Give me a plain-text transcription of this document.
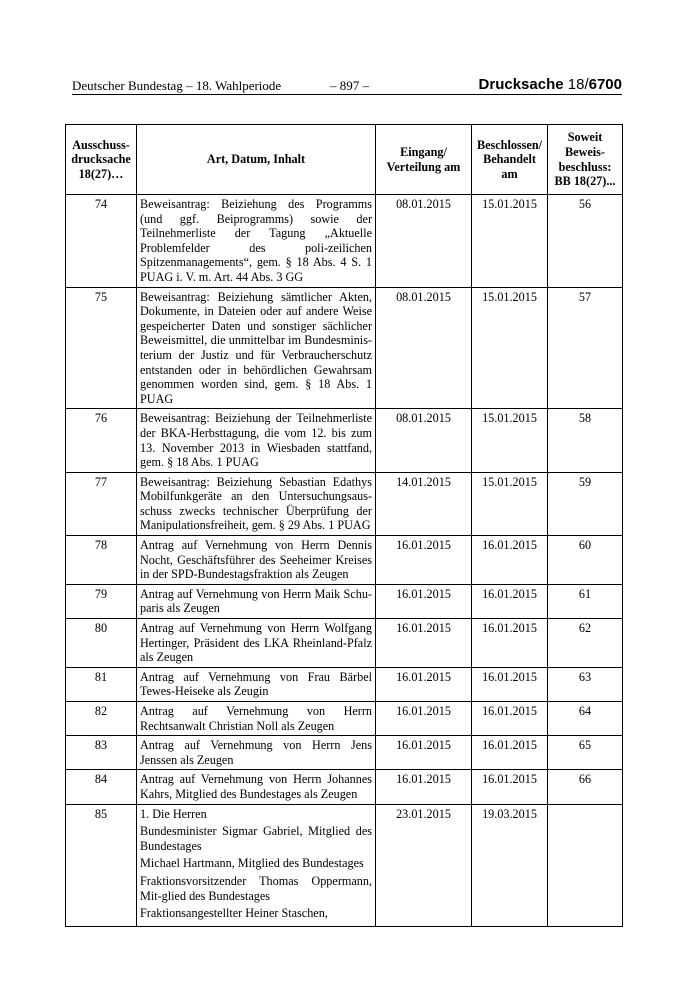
Deutscher Bundestag – 18. Wahlperiode	– 897 –	Drucksache 18/6700
Ausschuss-drucksache 18(27)…	Art, Datum, Inhalt	Eingang/ Verteilung am	Beschlossen/ Behandelt am	Soweit Beweis-beschluss: BB 18(27)...
74	Beweisantrag: Beiziehung des Programms (und ggf. Beiprogramms) sowie der Teilnehmerliste der Tagung „Aktuelle Problemfelder des poli-zeilichen Spitzenmanagements“, gem. § 18 Abs. 4 S. 1 PUAG i. V. m. Art. 44 Abs. 3 GG	08.01.2015	15.01.2015	56
75	Beweisantrag: Beiziehung sämtlicher Akten, Dokumente, in Dateien oder auf andere Weise gespeicherter Daten und sonstiger sächlicher Beweismittel, die unmittelbar im Bundesminis-terium der Justiz und für Verbraucherschutz entstanden oder in behördlichen Gewahrsam genommen worden sind, gem. § 18 Abs. 1 PUAG	08.01.2015	15.01.2015	57
76	Beweisantrag: Beiziehung der Teilnehmerliste der BKA-Herbsttagung, die vom 12. bis zum 13. November 2013 in Wiesbaden stattfand, gem. § 18 Abs. 1 PUAG	08.01.2015	15.01.2015	58
77	Beweisantrag: Beiziehung Sebastian Edathys Mobilfunkgeräte an den Untersuchungsaus-schuss zwecks technischer Überprüfung der Manipulationsfreiheit, gem. § 29 Abs. 1 PUAG	14.01.2015	15.01.2015	59
78	Antrag auf Vernehmung von Herrn Dennis Nocht, Geschäftsführer des Seeheimer Kreises in der SPD-Bundestagsfraktion als Zeugen	16.01.2015	16.01.2015	60
79	Antrag auf Vernehmung von Herrn Maik Schu-paris als Zeugen	16.01.2015	16.01.2015	61
80	Antrag auf Vernehmung von Herrn Wolfgang Hertinger, Präsident des LKA Rheinland-Pfalz als Zeugen	16.01.2015	16.01.2015	62
81	Antrag auf Vernehmung von Frau Bärbel Tewes-Heiseke als Zeugin	16.01.2015	16.01.2015	63
82	Antrag auf Vernehmung von Herrn Rechtsanwalt Christian Noll als Zeugen	16.01.2015	16.01.2015	64
83	Antrag auf Vernehmung von Herrn Jens Jenssen als Zeugen	16.01.2015	16.01.2015	65
84	Antrag auf Vernehmung von Herrn Johannes Kahrs, Mitglied des Bundestages als Zeugen	16.01.2015	16.01.2015	66
85	1. Die Herren

Bundesminister Sigmar Gabriel, Mitglied des Bundestages

Michael Hartmann, Mitglied des Bundestages

Fraktionsvorsitzender Thomas Oppermann, Mit-glied des Bundestages

Fraktionsangestellter Heiner Staschen,	23.01.2015	19.03.2015	
